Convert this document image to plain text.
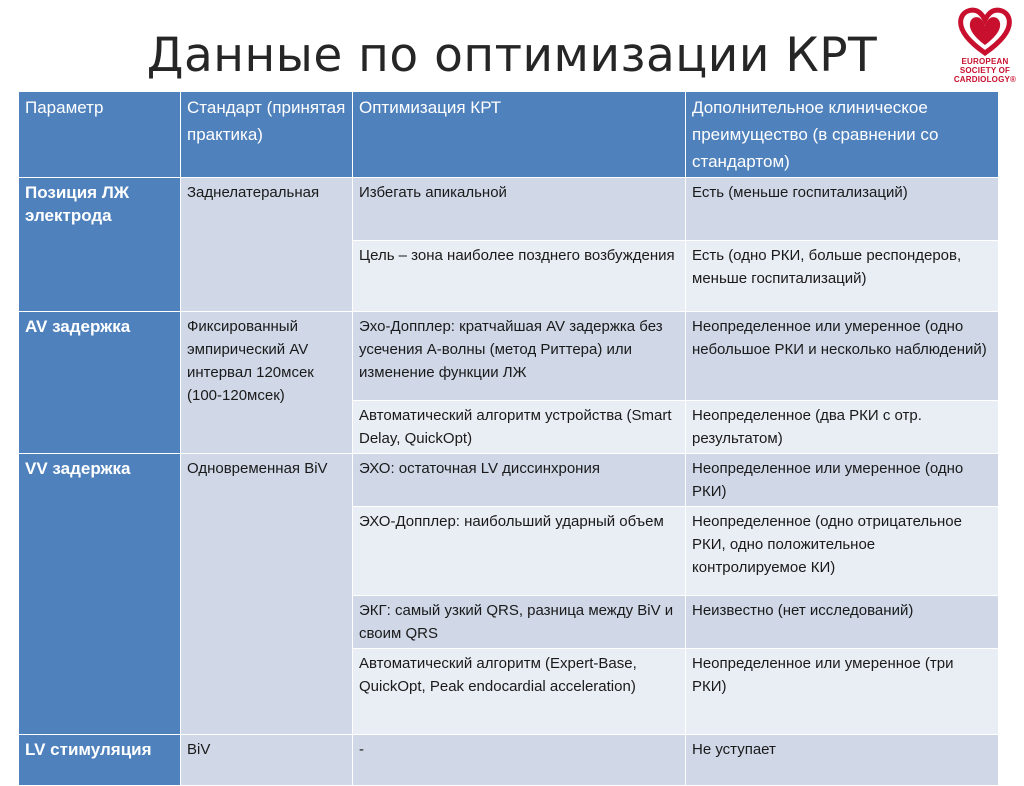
Данные по оптимизации КРТ	EUROPEAN
SOCIETY OF
CARDIOLOGY®
Параметр	Стандарт (принятая практика)	Оптимизация КРТ	Дополнительное клиническое преимущество (в сравнении со стандартом)
Позиция ЛЖ электрода	Заднелатеральная	Избегать апикальной	Есть (меньше госпитализаций)
		Цель – зона наиболее позднего возбуждения	Есть (одно РКИ, больше респондеров, меньше госпитализаций)
AV задержка	Фиксированный эмпирический AV интервал 120мсек (100-120мсек)	Эхо-Допплер: кратчайшая AV задержка без усечения А-волны (метод Риттера) или изменение функции ЛЖ	Неопределенное или умеренное (одно небольшое РКИ и несколько наблюдений)
		Автоматический алгоритм устройства (Smart Delay, QuickOpt)	Неопределенное (два РКИ с отр. результатом)
VV задержка	Одновременная BiV	ЭХО: остаточная LV диссинхрония	Неопределенное или умеренное (одно РКИ)
		ЭХО-Допплер: наибольший ударный объем	Неопределенное (одно отрицательное РКИ, одно положительное контролируемое КИ)
		ЭКГ: самый узкий QRS, разница между BiV и своим QRS	Неизвестно (нет исследований)
		Автоматический алгоритм (Expert-Base, QuickOpt, Peak endocardial acceleration)	Неопределенное или умеренное (три РКИ)
LV стимуляция	BiV	-	Не уступает
